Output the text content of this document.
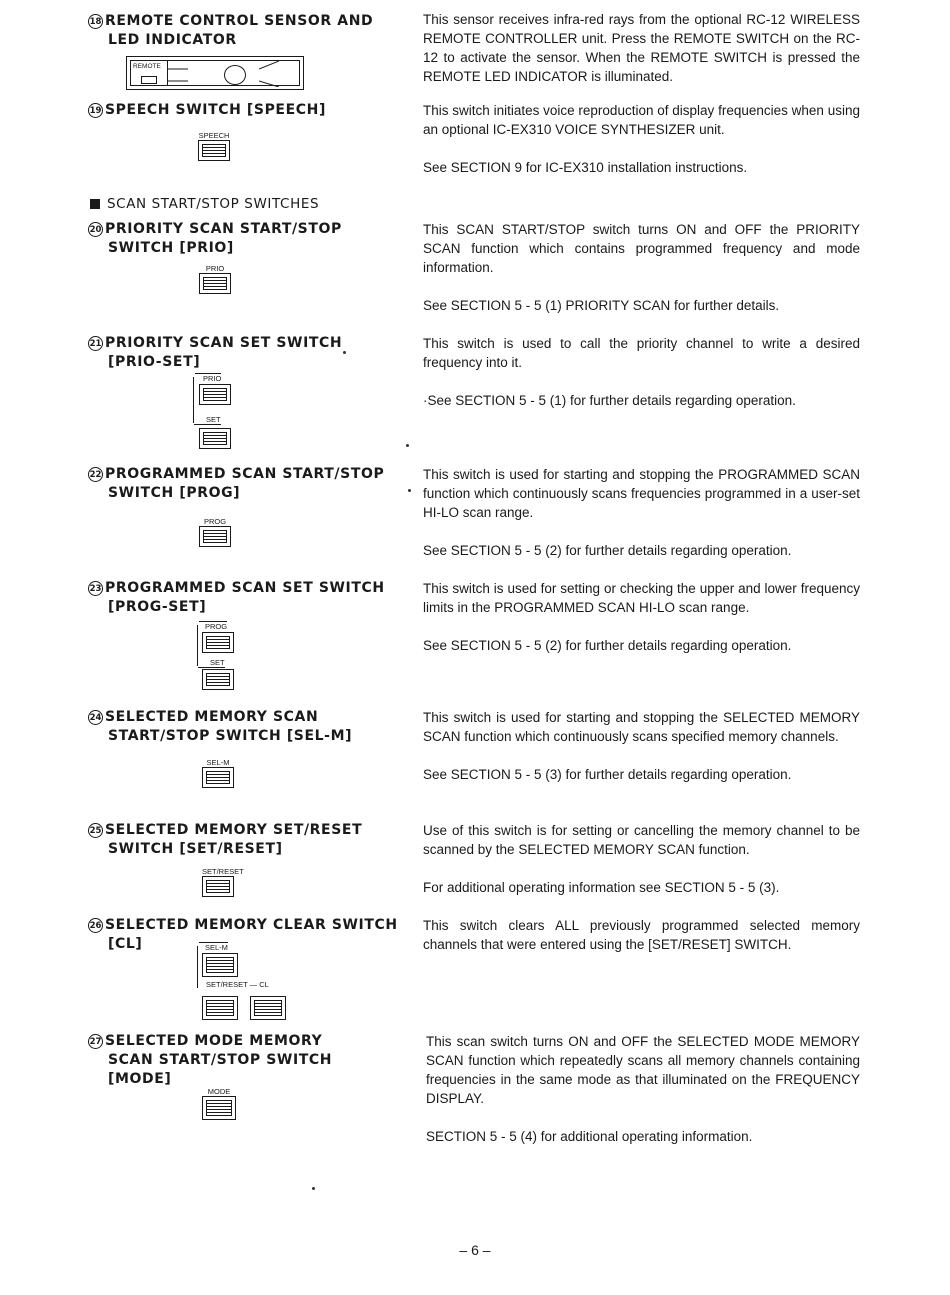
18 REMOTE CONTROL SENSOR AND
LED INDICATOR
REMOTE

This sensor receives infra-red rays from the optional RC-12 WIRELESS REMOTE CONTROLLER unit. Press the REMOTE SWITCH on the RC-12 to activate the sensor. When the REMOTE SWITCH is pressed the REMOTE LED INDICATOR is illuminated.

19 SPEECH SWITCH [SPEECH]
SPEECH

This switch initiates voice reproduction of display frequencies when using an optional IC-EX310 VOICE SYNTHESIZER unit.

See SECTION 9 for IC-EX310 installation instructions.

SCAN START/STOP SWITCHES
20 PRIORITY SCAN START/STOP
SWITCH [PRIO]
PRIO

This SCAN START/STOP switch turns ON and OFF the PRIORITY SCAN function which contains programmed frequency and mode information.

See SECTION 5 - 5 (1) PRIORITY SCAN for further details.

21 PRIORITY SCAN SET SWITCH
[PRIO-SET]
PRIO
SET

This switch is used to call the priority channel to write a desired frequency into it.

·See SECTION 5 - 5 (1) for further details regarding operation.

22 PROGRAMMED SCAN START/STOP
SWITCH [PROG]
PROG

This switch is used for starting and stopping the PROGRAMMED SCAN function which continuously scans frequencies programmed in a user-set HI-LO scan range.

See SECTION 5 - 5 (2) for further details regarding operation.

23 PROGRAMMED SCAN SET SWITCH
[PROG-SET]
PROG
SET

This switch is used for setting or checking the upper and lower frequency limits in the PROGRAMMED SCAN HI-LO scan range.

See SECTION 5 - 5 (2) for further details regarding operation.

24 SELECTED MEMORY SCAN
START/STOP SWITCH [SEL-M]
SEL-M

This switch is used for starting and stopping the SELECTED MEMORY SCAN function which continuously scans specified memory channels.

See SECTION 5 - 5 (3) for further details regarding operation.

25 SELECTED MEMORY SET/RESET
SWITCH [SET/RESET]
SET/RESET

Use of this switch is for setting or cancelling the memory channel to be scanned by the SELECTED MEMORY SCAN function.

For additional operating information see SECTION 5 - 5 (3).

26 SELECTED MEMORY CLEAR SWITCH
[CL]	SEL-M
SET/RESET — CL

This switch clears ALL previously programmed selected memory channels that were entered using the [SET/RESET] SWITCH.

27 SELECTED MODE MEMORY
SCAN START/STOP SWITCH [MODE]
MODE

This scan switch turns ON and OFF the SELECTED MODE MEMORY SCAN function which repeatedly scans all memory channels containing frequencies in the same mode as that illuminated on the FREQUENCY DISPLAY.

SECTION 5 - 5 (4) for additional operating information.

– 6 –
